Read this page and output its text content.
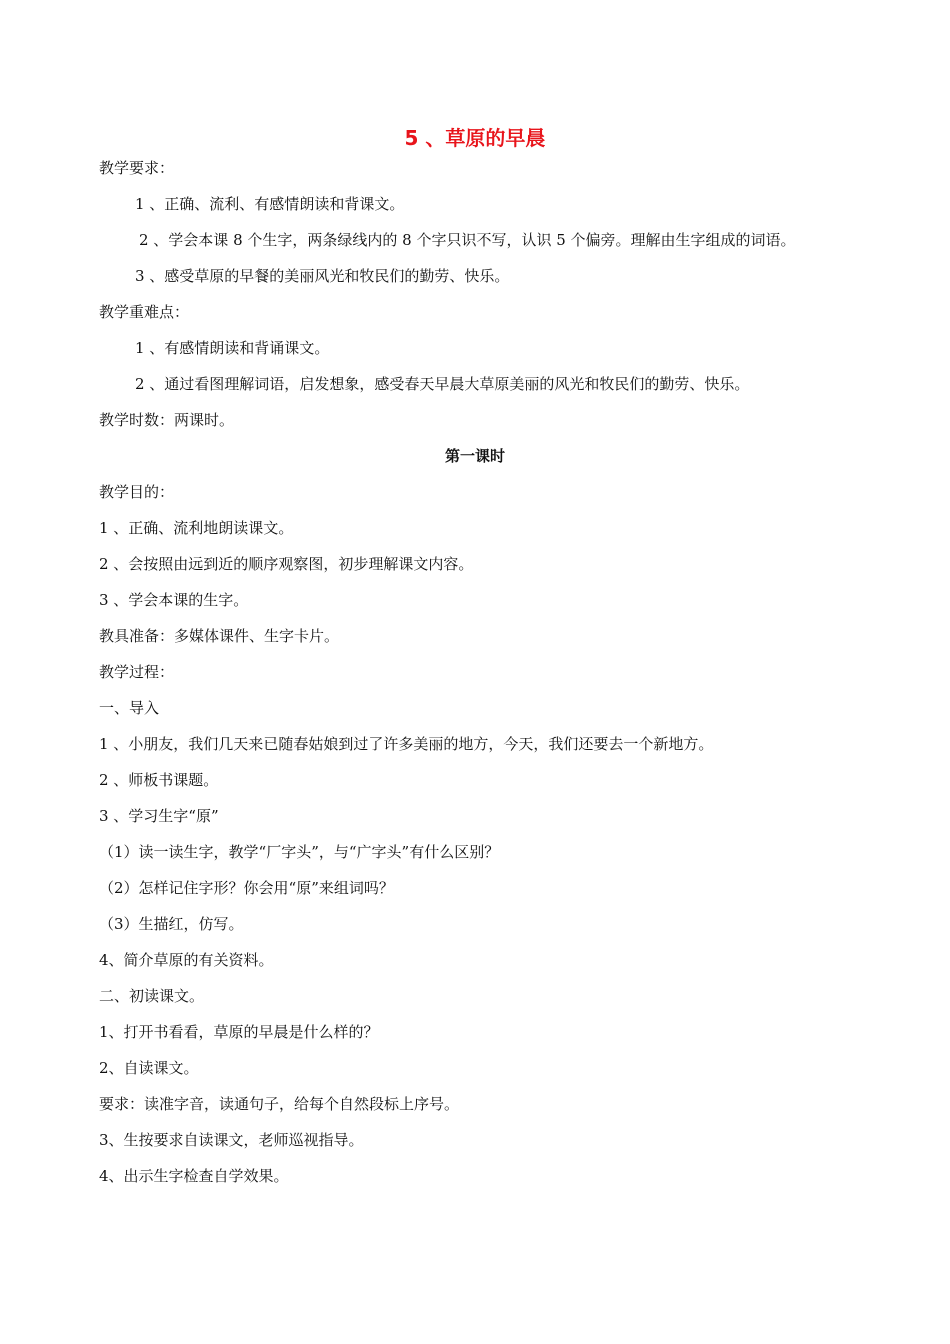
5 、草原的早晨
教学要求：
1 、正确、流利、有感情朗读和背课文。
2 、学会本课 8 个生字，两条绿线内的 8 个字只识不写，认识 5 个偏旁。理解由生字组成的词语。
3 、感受草原的早餐的美丽风光和牧民们的勤劳、快乐。
教学重难点：
1 、有感情朗读和背诵课文。
2 、通过看图理解词语，启发想象，感受春天早晨大草原美丽的风光和牧民们的勤劳、快乐。
教学时数：两课时。
第一课时
教学目的：
1 、正确、流利地朗读课文。
2 、会按照由远到近的顺序观察图，初步理解课文内容。
3 、学会本课的生字。
教具准备：多媒体课件、生字卡片。
教学过程：
一、导入
1 、小朋友，我们几天来已随春姑娘到过了许多美丽的地方，今天，我们还要去一个新地方。
2 、师板书课题。
3 、学习生字“原”
（1）读一读生字，教学“厂字头”，与“广字头”有什么区别？
（2）怎样记住字形？你会用“原”来组词吗？
（3）生描红，仿写。
4、简介草原的有关资料。
二、初读课文。
1、打开书看看，草原的早晨是什么样的？
2、自读课文。
要求：读准字音，读通句子，给每个自然段标上序号。
3、生按要求自读课文，老师巡视指导。
4、出示生字检查自学效果。
